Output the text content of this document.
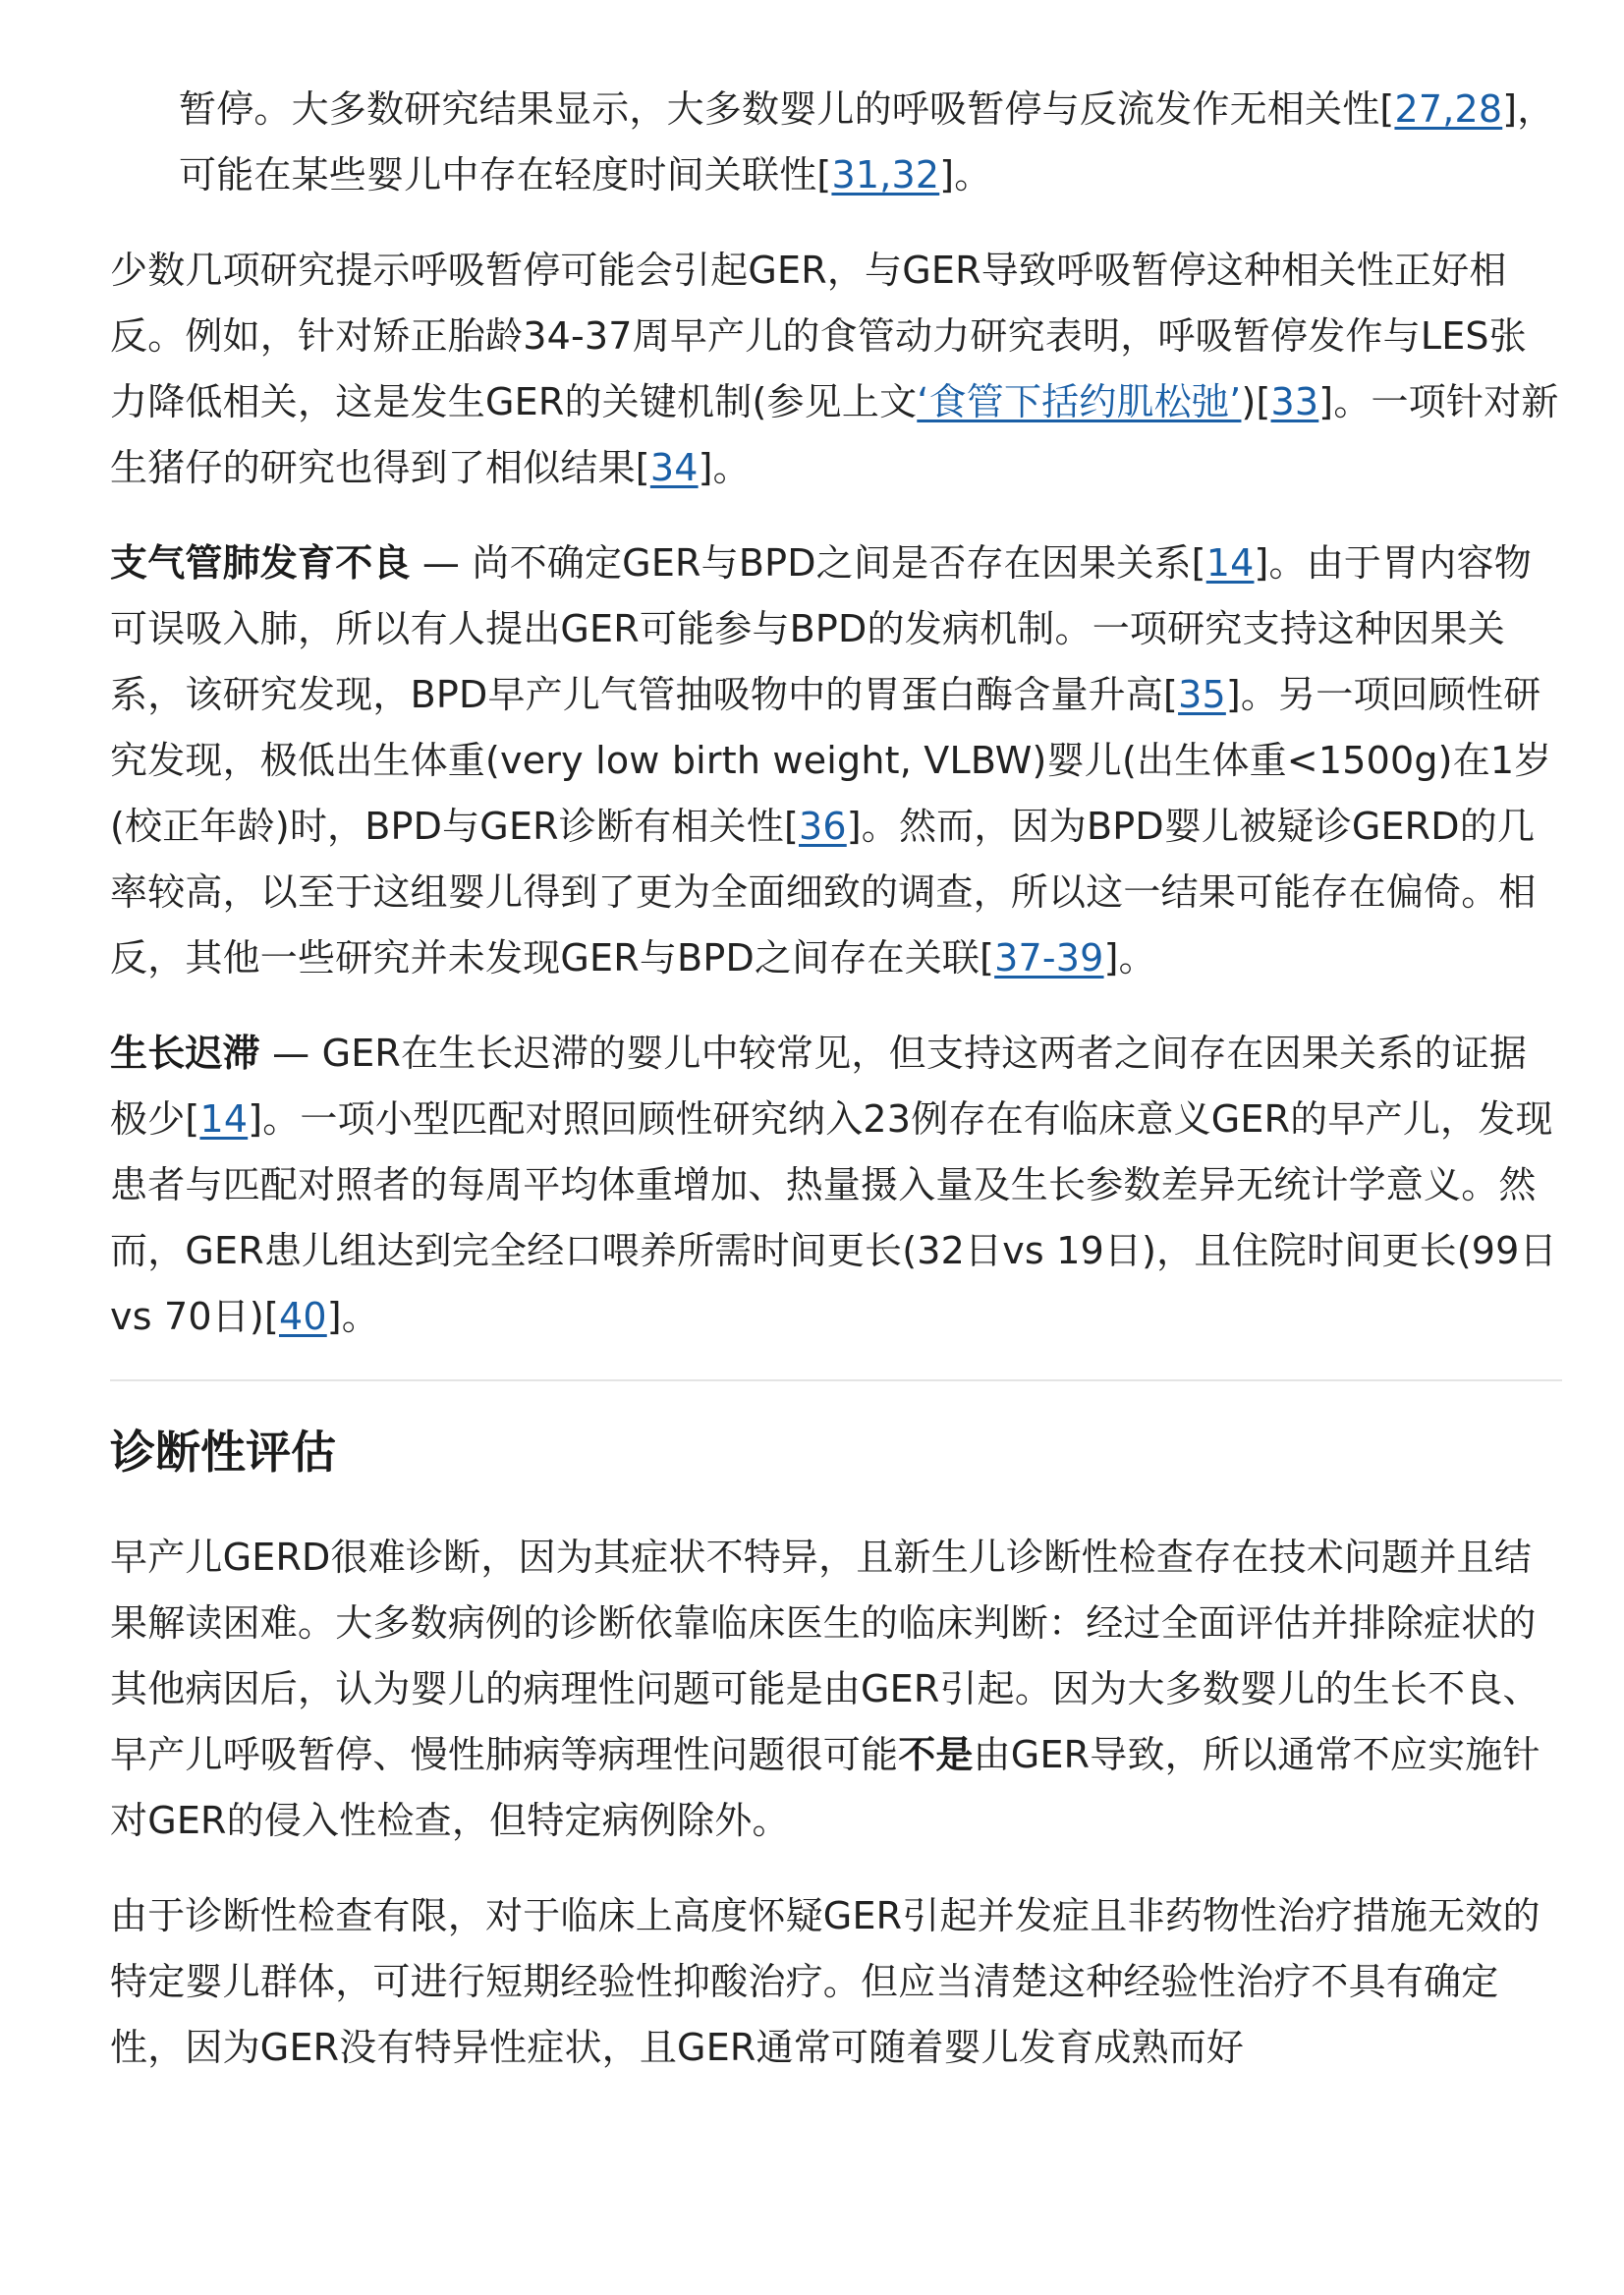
暂停。大多数研究结果显示，大多数婴儿的呼吸暂停与反流发作无相关性[27,28]，可能在某些婴儿中存在轻度时间关联性[31,32]。

少数几项研究提示呼吸暂停可能会引起GER，与GER导致呼吸暂停这种相关性正好相反。例如，针对矫正胎龄34-37周早产儿的食管动力研究表明，呼吸暂停发作与LES张力降低相关，这是发生GER的关键机制(参见上文‘食管下括约肌松弛’)[33]。一项针对新生猪仔的研究也得到了相似结果[34]。

支气管肺发育不良 — 尚不确定GER与BPD之间是否存在因果关系[14]。由于胃内容物可误吸入肺，所以有人提出GER可能参与BPD的发病机制。一项研究支持这种因果关系，该研究发现，BPD早产儿气管抽吸物中的胃蛋白酶含量升高[35]。另一项回顾性研究发现，极低出生体重(very low birth weight, VLBW)婴儿(出生体重<1500g)在1岁(校正年龄)时，BPD与GER诊断有相关性[36]。然而，因为BPD婴儿被疑诊GERD的几率较高，以至于这组婴儿得到了更为全面细致的调查，所以这一结果可能存在偏倚。相反，其他一些研究并未发现GER与BPD之间存在关联[37-39]。

生长迟滞 — GER在生长迟滞的婴儿中较常见，但支持这两者之间存在因果关系的证据极少[14]。一项小型匹配对照回顾性研究纳入23例存在有临床意义GER的早产儿，发现患者与匹配对照者的每周平均体重增加、热量摄入量及生长参数差异无统计学意义。然而，GER患儿组达到完全经口喂养所需时间更长(32日vs 19日)，且住院时间更长(99日 vs 70日)[40]。

诊断性评估

早产儿GERD很难诊断，因为其症状不特异，且新生儿诊断性检查存在技术问题并且结果解读困难。大多数病例的诊断依靠临床医生的临床判断：经过全面评估并排除症状的其他病因后，认为婴儿的病理性问题可能是由GER引起。因为大多数婴儿的生长不良、早产儿呼吸暂停、慢性肺病等病理性问题很可能不是由GER导致，所以通常不应实施针对GER的侵入性检查，但特定病例除外。

由于诊断性检查有限，对于临床上高度怀疑GER引起并发症且非药物性治疗措施无效的特定婴儿群体，可进行短期经验性抑酸治疗。但应当清楚这种经验性治疗不具有确定性，因为GER没有特异性症状，且GER通常可随着婴儿发育成熟而好
